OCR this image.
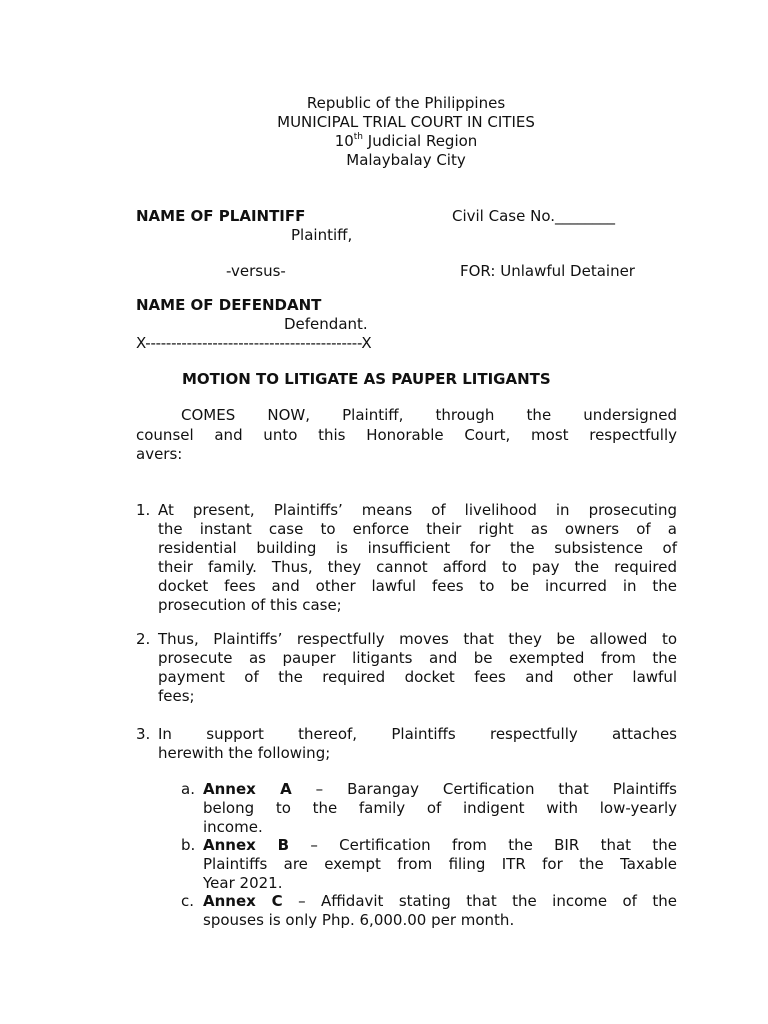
Republic of the Philippines
MUNICIPAL TRIAL COURT IN CITIES
10th Judicial Region
Malaybalay City
NAME OF PLAINTIFF	Civil Case No.________
Plaintiff,
-versus-	FOR: Unlawful Detainer
NAME OF DEFENDANT
Defendant.
X------------------------------------------X
MOTION TO LITIGATE AS PAUPER LITIGANTS
COMES NOW, Plaintiff, through the undersigned
counsel and unto this Honorable Court, most respectfully
avers:
1. At present, Plaintiffs’ means of livelihood in prosecuting
the instant case to enforce their right as owners of a
residential building is insufficient for the subsistence of
their family. Thus, they cannot afford to pay the required
docket fees and other lawful fees to be incurred in the
prosecution of this case;
2. Thus, Plaintiffs’ respectfully moves that they be allowed to
prosecute as pauper litigants and be exempted from the
payment of the required docket fees and other lawful
fees;
3. In support thereof, Plaintiffs respectfully attaches
herewith the following;
a. Annex A – Barangay Certification that Plaintiffs
belong to the family of indigent with low-yearly
income.
b. Annex B – Certification from the BIR that the
Plaintiffs are exempt from filing ITR for the Taxable
Year 2021.
c. Annex C – Affidavit stating that the income of the
spouses is only Php. 6,000.00 per month.
